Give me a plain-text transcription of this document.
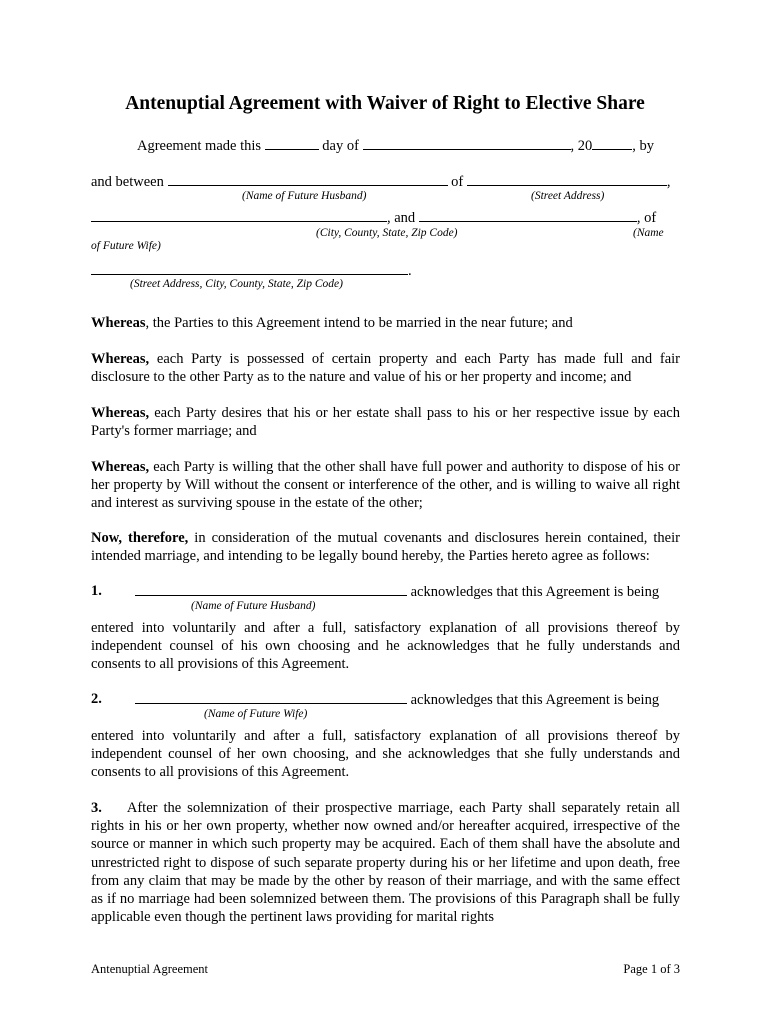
Antenuptial Agreement with Waiver of Right to Elective Share
Agreement made this	day of	, 20	, by
and between	of	,
(Name of Future Husband)	(Street Address)
, and	, of
(City, County, State, Zip Code)	(Name
of Future Wife)
.
(Street Address, City, County, State, Zip Code)
Whereas, the Parties to this Agreement intend to be married in the near future; and
Whereas, each Party is possessed of certain property and each Party has made full and fair disclosure to the other Party as to the nature and value of his or her property and income; and
Whereas, each Party desires that his or her estate shall pass to his or her respective issue by each Party's former marriage; and
Whereas, each Party is willing that the other shall have full power and authority to dispose of his or her property by Will without the consent or interference of the other, and is willing to waive all right and interest as surviving spouse in the estate of the other;
Now, therefore, in consideration of the mutual covenants and disclosures herein contained, their intended marriage, and intending to be legally bound hereby, the Parties hereto agree as follows:
1.	acknowledges that this Agreement is being
(Name of Future Husband)
entered into voluntarily and after a full, satisfactory explanation of all provisions thereof by independent counsel of his own choosing and he acknowledges that he fully understands and consents to all provisions of this Agreement.
2.	acknowledges that this Agreement is being
(Name of Future Wife)
entered into voluntarily and after a full, satisfactory explanation of all provisions thereof by independent counsel of her own choosing, and she acknowledges that she fully understands and consents to all provisions of this Agreement.
3. After the solemnization of their prospective marriage, each Party shall separately retain all rights in his or her own property, whether now owned and/or hereafter acquired, irrespective of the source or manner in which such property may be acquired. Each of them shall have the absolute and unrestricted right to dispose of such separate property during his or her lifetime and upon death, free from any claim that may be made by the other by reason of their marriage, and with the same effect as if no marriage had been solemnized between them. The provisions of this Paragraph shall be fully applicable even though the pertinent laws providing for marital rights
Antenuptial Agreement	Page 1 of 3
